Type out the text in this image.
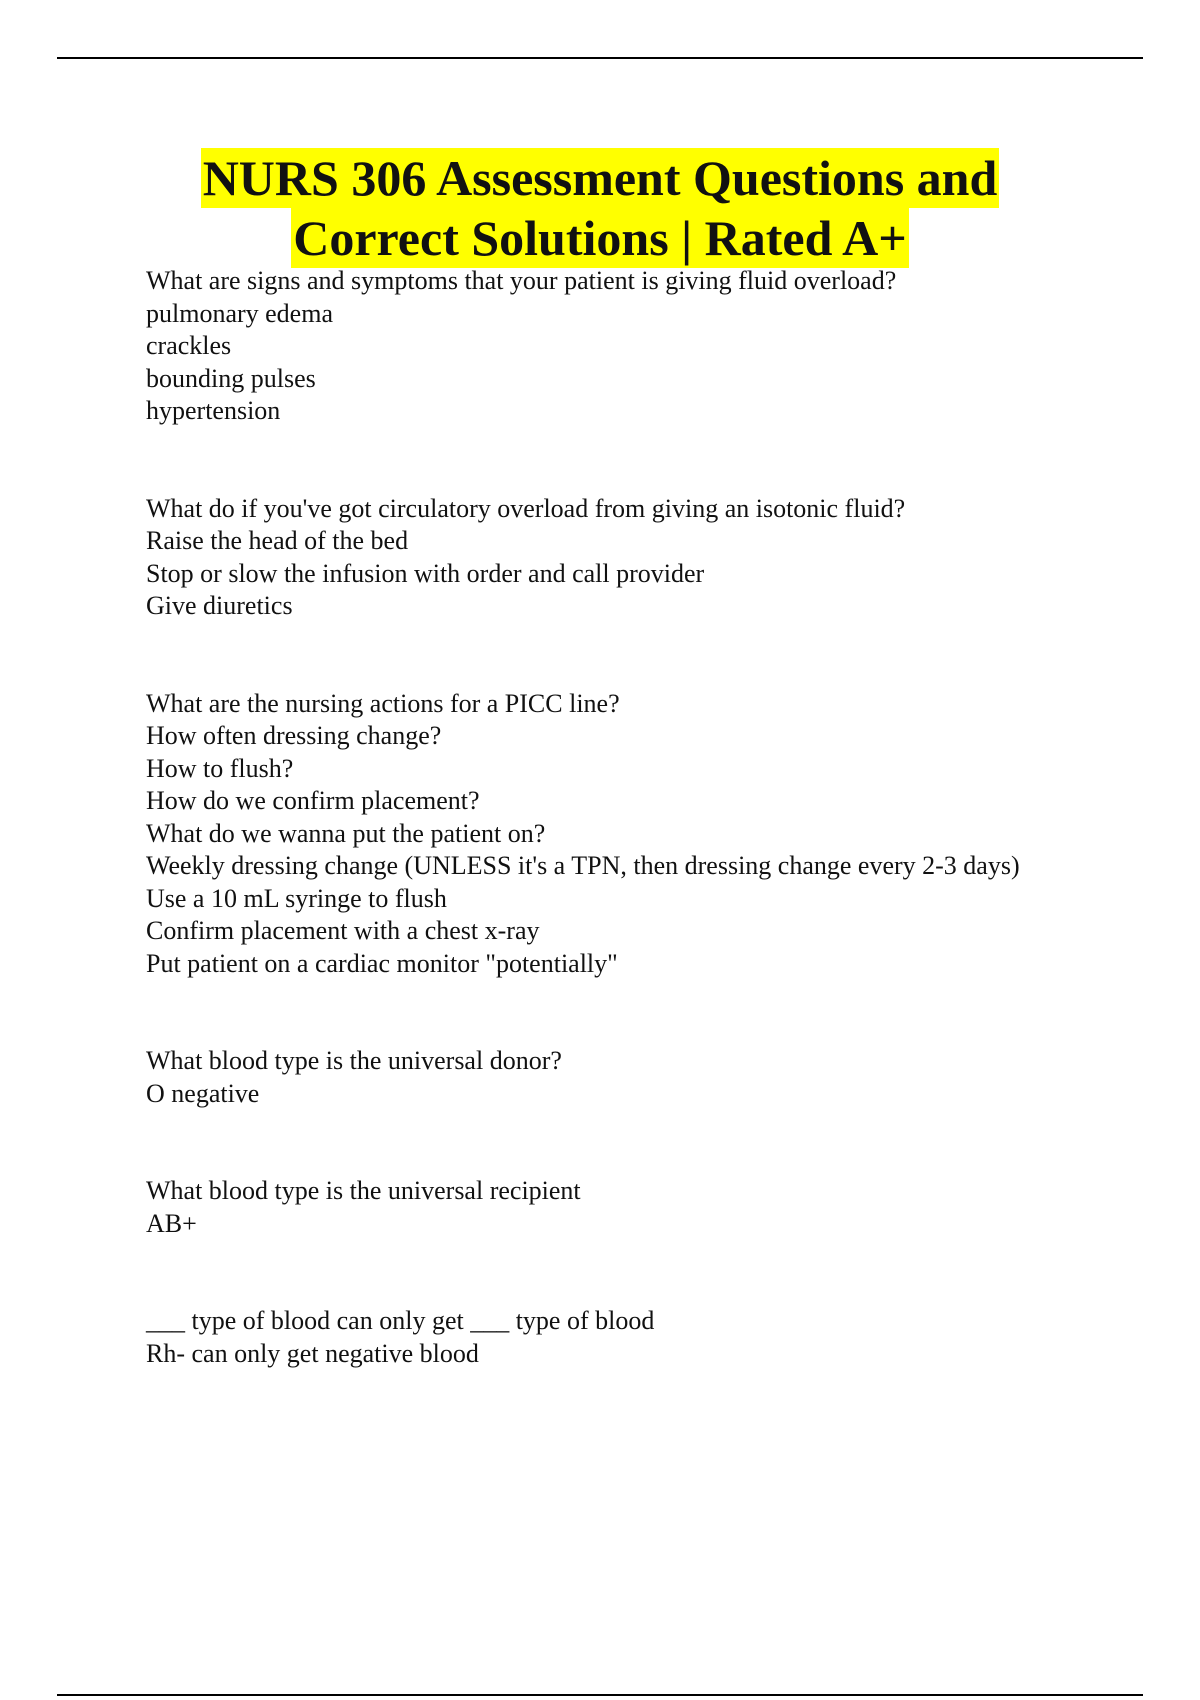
NURS 306 Assessment Questions and
Correct Solutions | Rated A+
What are signs and symptoms that your patient is giving fluid overload?
pulmonary edema
crackles
bounding pulses
hypertension
What do if you've got circulatory overload from giving an isotonic fluid?
Raise the head of the bed
Stop or slow the infusion with order and call provider
Give diuretics
What are the nursing actions for a PICC line?
How often dressing change?
How to flush?
How do we confirm placement?
What do we wanna put the patient on?
Weekly dressing change (UNLESS it's a TPN, then dressing change every 2-3 days)
Use a 10 mL syringe to flush
Confirm placement with a chest x-ray
Put patient on a cardiac monitor "potentially"
What blood type is the universal donor?
O negative
What blood type is the universal recipient
AB+
___ type of blood can only get ___ type of blood
Rh- can only get negative blood
